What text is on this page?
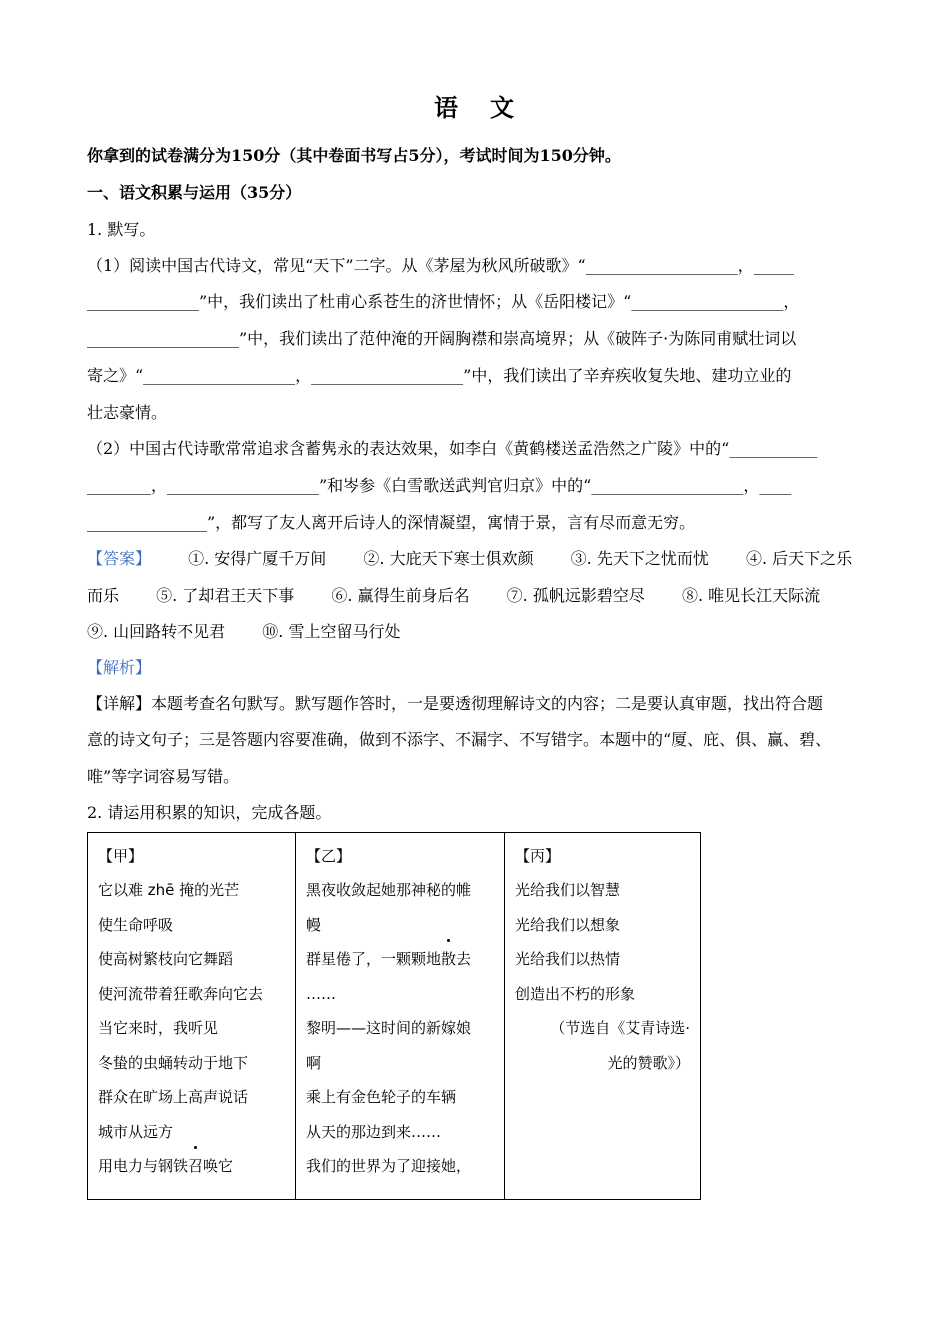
语 文
你拿到的试卷满分为150分（其中卷面书写占5分），考试时间为150分钟。
一、语文积累与运用（35分）
1. 默写。
（1）阅读中国古代诗文，常见“天下”二字。从《茅屋为秋风所破歌》“___________________，_____
______________”中，我们读出了杜甫心系苍生的济世情怀；从《岳阳楼记》“___________________，
___________________”中，我们读出了范仲淹的开阔胸襟和崇高境界；从《破阵子·为陈同甫赋壮词以
寄之》“___________________，___________________”中，我们读出了辛弃疾收复失地、建功立业的
壮志豪情。
（2）中国古代诗歌常常追求含蓄隽永的表达效果，如李白《黄鹤楼送孟浩然之广陵》中的“___________
________，___________________”和岑参《白雪歌送武判官归京》中的“___________________，____
_______________”，都写了友人离开后诗人的深情凝望，寓情于景，言有尽而意无穷。
【答案】 ①. 安得广厦千万间 ②. 大庇天下寒士俱欢颜 ③. 先天下之忧而忧 ④. 后天下之乐
而乐 ⑤. 了却君王天下事 ⑥. 赢得生前身后名 ⑦. 孤帆远影碧空尽 ⑧. 唯见长江天际流
⑨. 山回路转不见君 ⑩. 雪上空留马行处
【解析】
【详解】本题考查名句默写。默写题作答时，一是要透彻理解诗文的内容；二是要认真审题，找出符合题
意的诗文句子；三是答题内容要准确，做到不添字、不漏字、不写错字。本题中的“厦、庇、俱、赢、碧、
唯”等字词容易写错。
2. 请运用积累的知识，完成各题。
【甲】
它以难 zhē 掩的光芒
使生命呼吸
使高树繁枝向它舞蹈
使河流带着狂歌奔向它去
当它来时，我听见
冬蛰的虫蛹转动于地下
群众在旷场上高声说话
城市从远方
用电力与钢铁召唤它

【乙】
黑夜收敛起她那神秘的帷
幔
群星倦了，一颗颗地散去
……
黎明——这时间的新嫁娘
啊
乘上有金色轮子的车辆
从天的那边到来……
我们的世界为了迎接她，

【丙】
光给我们以智慧
光给我们以想象
光给我们以热情
创造出不朽的形象
（节选自《艾青诗选·
光的赞歌》）
